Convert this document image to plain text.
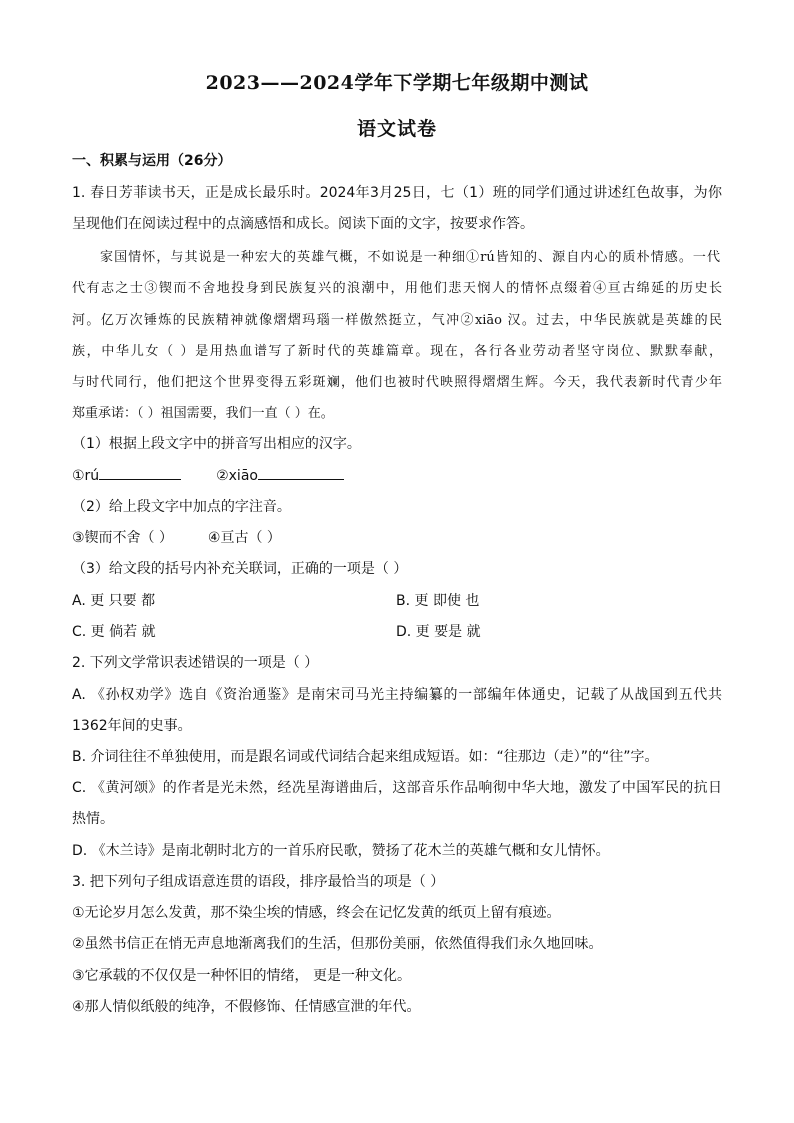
2023——2024学年下学期七年级期中测试
语文试卷
一、积累与运用（26分）
1. 春日芳菲读书天，正是成长最乐时。2024年3月25日，七（1）班的同学们通过讲述红色故事，为你
呈现他们在阅读过程中的点滴感悟和成长。阅读下面的文字，按要求作答。
家国情怀，与其说是一种宏大的英雄气概，不如说是一种细①rú皆知的、源自内心的质朴情感。一代
代有志之士③锲而不舍地投身到民族复兴的浪潮中，用他们悲天悯人的情怀点缀着④亘古绵延的历史长
河。亿万次锤炼的民族精神就像熠熠玛瑙一样傲然挺立，气冲②xiāo 汉。过去，中华民族就是英雄的民
族，中华儿女（ ）是用热血谱写了新时代的英雄篇章。现在，各行各业劳动者坚守岗位、默默奉献，
与时代同行，他们把这个世界变得五彩斑斓，他们也被时代映照得熠熠生辉。今天，我代表新时代青少年
郑重承诺：（ ）祖国需要，我们一直（ ）在。
（1）根据上段文字中的拼音写出相应的汉字。
①rú	②xiāo
（2）给上段文字中加点的字注音。
③锲而不舍（ ） ④亘古（ ）
（3）给文段的括号内补充关联词，正确的一项是（ ）
A. 更 只要 都	B. 更 即使 也
C. 更 倘若 就	D. 更 要是 就
2. 下列文学常识表述错误的一项是（ ）
A. 《孙权劝学》选自《资治通鉴》是南宋司马光主持编纂的一部编年体通史，记载了从战国到五代共
1362年间的史事。
B. 介词往往不单独使用，而是跟名词或代词结合起来组成短语。如：“往那边（走）”的“往”字。
C. 《黄河颂》的作者是光未然，经冼星海谱曲后，这部音乐作品响彻中华大地，激发了中国军民的抗日
热情。
D. 《木兰诗》是南北朝时北方的一首乐府民歌，赞扬了花木兰的英雄气概和女儿情怀。
3. 把下列句子组成语意连贯的语段，排序最恰当的项是（ ）
①无论岁月怎么发黄，那不染尘埃的情感，终会在记忆发黄的纸页上留有痕迹。
②虽然书信正在悄无声息地渐离我们的生活，但那份美丽，依然值得我们永久地回味。
③它承载的不仅仅是一种怀旧的情绪， 更是一种文化。
④那人情似纸般的纯净，不假修饰、任情感宣泄的年代。
